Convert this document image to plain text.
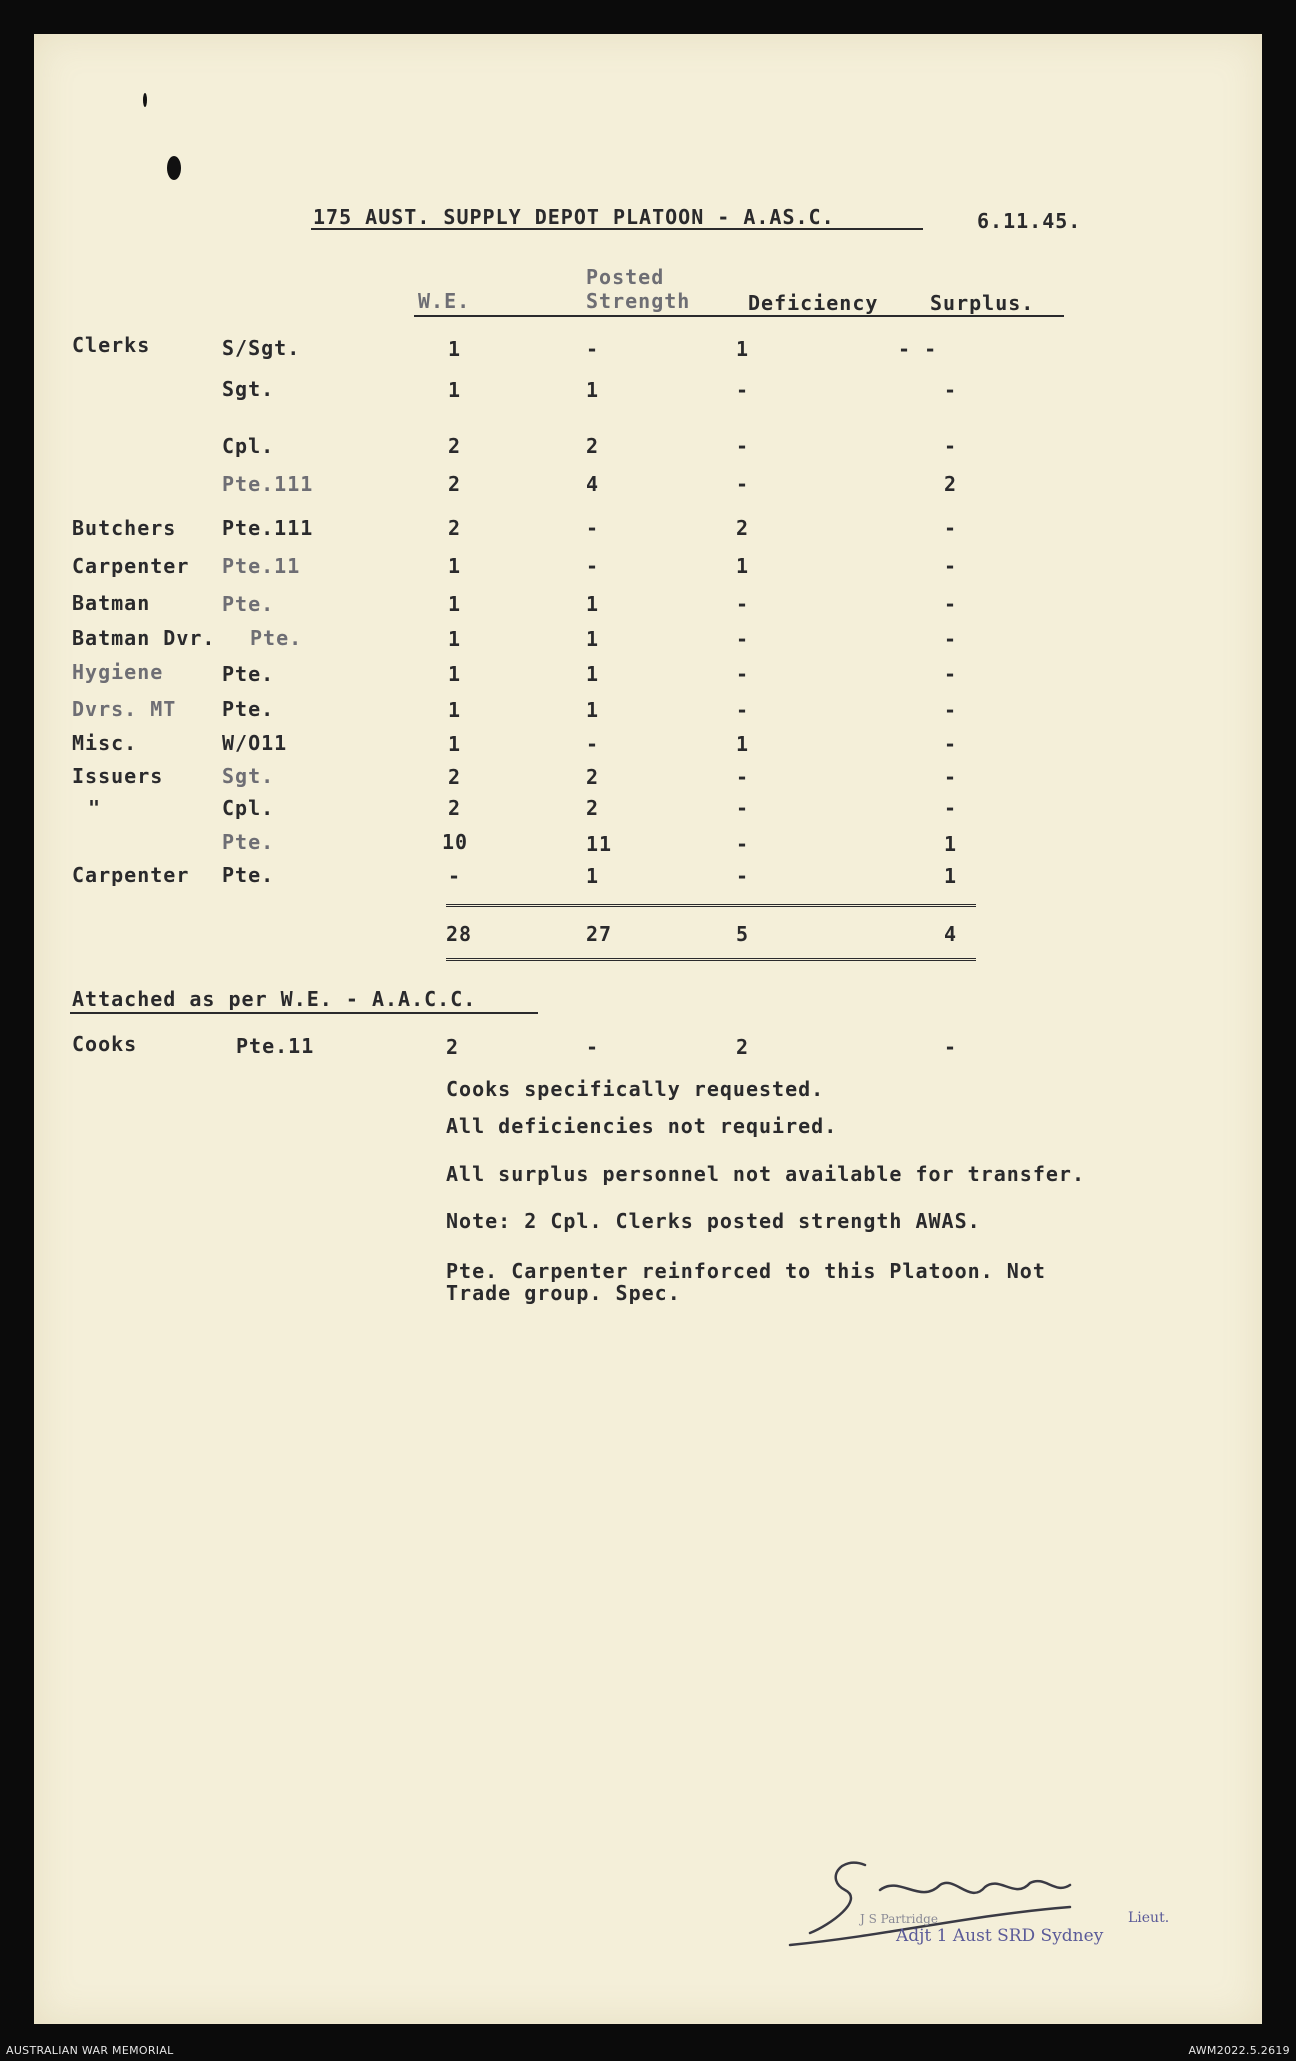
175 AUST. SUPPLY DEPOT PLATOON - A.AS.C.	6.11.45.
W.E.
Posted
Strength	Deficiency	Surplus.
Clerks	S/Sgt.	1	-	1	- -
Sgt.	1	1	-	-
Cpl.	2	2	-	-
Pte.111	2	4	-	2
Butchers Pte.111	2	-	2	-
Carpenter Pte.11	1	-	1	-
Batman	Pte.	1	1	-	-
Batman Dvr. Pte.	1	1	-	-
Hygiene	Pte.	1	1	-	-
Dvrs. MT Pte.	1	1	-	-
Misc.	W/O11	1	-	1	-
Issuers	Sgt.	2	2	-	-
"	Cpl.	2	2	-	-
Pte.	10	11	-	1
Carpenter Pte.	-	1	-	1
28	27	5	4
Attached as per W.E. - A.A.C.C.
Cooks	Pte.11	2	-	2	-
Cooks specifically requested.
All deficiencies not required.
All surplus personnel not available for transfer.
Note: 2 Cpl. Clerks posted strength AWAS.
Pte. Carpenter reinforced to this Platoon. Not
Trade group. Spec.
J S Partridge	Lieut.
Adjt 1 Aust SRD Sydney
AUSTRALIAN WAR MEMORIAL	AWM2022.5.2619
